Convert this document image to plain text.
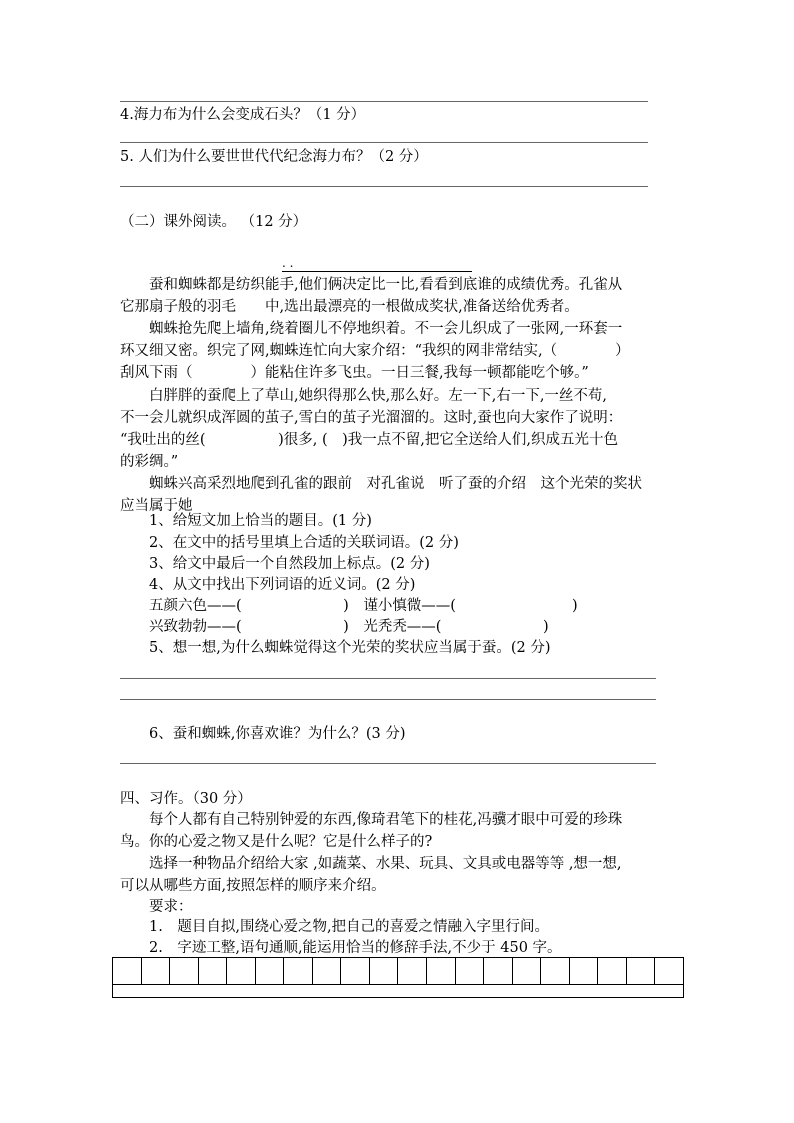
4.海力布为什么会变成石头？（1 分）
5. 人们为什么要世世代代纪念海力布？（2 分）
（二）课外阅读。 （12 分）
. .
　　蚕和蜘蛛都是纺织能手,他们俩决定比一比,看看到底谁的成绩优秀。孔雀从
它那扇子般的羽毛　　中,选出最漂亮的一根做成奖状,准备送给优秀者。
　　蜘蛛抢先爬上墙角,绕着圈儿不停地织着。不一会儿织成了一张网,一环套一
环又细又密。织完了网,蜘蛛连忙向大家介绍：“我织的网非常结实,（　　　　）
刮风下雨（　　　　）能粘住许多飞虫。一日三餐,我每一顿都能吃个够。”
　　白胖胖的蚕爬上了草山,她织得那么快,那么好。左一下,右一下,一丝不苟,
不一会儿就织成浑圆的茧子,雪白的茧子光溜溜的。这时,蚕也向大家作了说明：
“我吐出的丝(　　　　　)很多, (　)我一点不留,把它全送给人们,织成五光十色
的彩绸。”
　　蜘蛛兴高采烈地爬到孔雀的跟前　对孔雀说　听了蚕的介绍　这个光荣的奖状
应当属于她
　　1、给短文加上恰当的题目。(1 分)
　　2、在文中的括号里填上合适的关联词语。(2 分)
　　3、给文中最后一个自然段加上标点。(2 分)
　　4、从文中找出下列词语的近义词。(2 分)
　　五颜六色——(　　　　　　　)　谨小慎微——(　　　　　　　　)
　　兴致勃勃——(　　　　　　　)　光秃秃——(　　　　　　　)
　　5、想一想,为什么蜘蛛觉得这个光荣的奖状应当属于蚕。(2 分)
　　6、蚕和蜘蛛,你喜欢谁？为什么？(3 分)
四、习作。（30 分）
　　每个人都有自己特别钟爱的东西,像琦君笔下的桂花,冯骥才眼中可爱的珍珠
鸟。你的心爱之物又是什么呢？它是什么样子的?
　　选择一种物品介绍给大家 ,如蔬菜、水果、玩具、文具或电器等等 ,想一想,
可以从哪些方面,按照怎样的顺序来介绍。
　　要求：
　　1.　题目自拟,围绕心爱之物,把自己的喜爱之情融入字里行间。
　　2.　字迹工整,语句通顺,能运用恰当的修辞手法,不少于 450 字。
